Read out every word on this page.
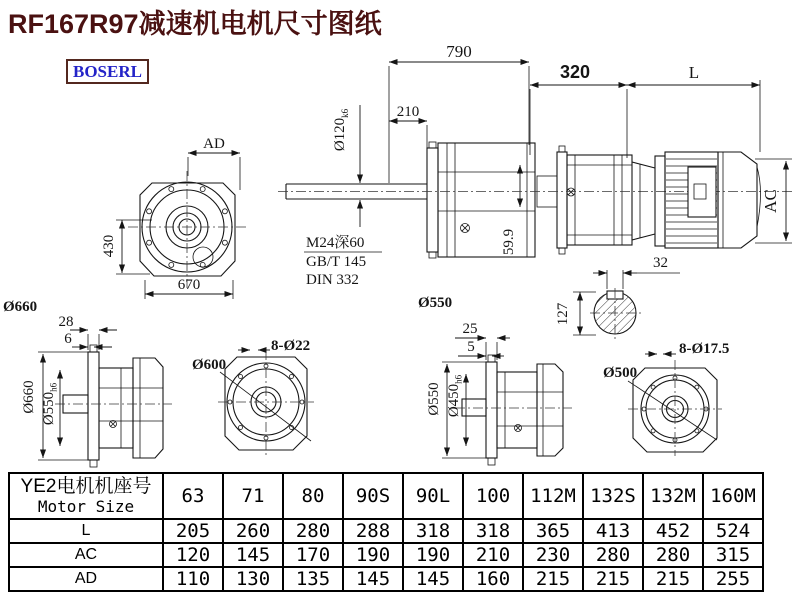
RF167R97减速机电机尺寸图纸
BOSERL
AD
430
670
790
210
$Ø120_{k6}$
M24深60
GB/T 145
DIN 332
59.9
320	L
AC
32
127
Ø660
28
6
Ø660 $Ø550_{h6}$
8-Ø22
Ø600
Ø550
25
5
Ø550 $Ø450_{h6}$
8-Ø17.5
Ø500
YE2电机机座号
Motor Size	63	71	80	90S	90L	100	112M	132S	132M	160M
L	205	260	280	288	318	318	365	413	452	524
AC	120	145	170	190	190	210	230	280	280	315
AD	110	130	135	145	145	160	215	215	215	255
